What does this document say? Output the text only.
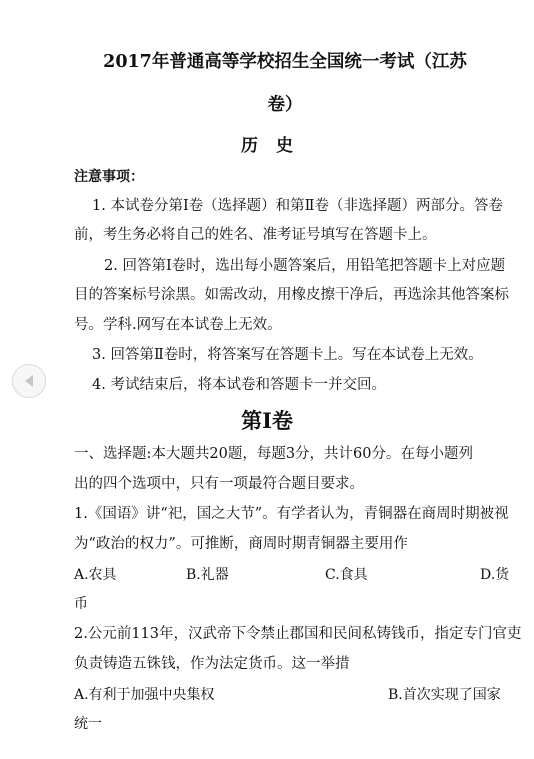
2017年普通高等学校招生全国统一考试（江苏
卷）
历史
注意事项：
1. 本试卷分第Ⅰ卷（选择题）和第Ⅱ卷（非选择题）两部分。答卷
前，考生务必将自己的姓名、准考证号填写在答题卡上。
2. 回答第Ⅰ卷时，选出每小题答案后，用铅笔把答题卡上对应题
目的答案标号涂黑。如需改动，用橡皮擦干净后，再选涂其他答案标
号。学科.网写在本试卷上无效。
3. 回答第Ⅱ卷时，将答案写在答题卡上。写在本试卷上无效。
4. 考试结束后，将本试卷和答题卡一并交回。
第Ⅰ卷
一、选择题:本大题共20题，每题3分，共计60分。在每小题列
出的四个选项中，只有一项最符合题目要求。
1.《国语》讲“祀，国之大节”。有学者认为，青铜器在商周时期被视
为“政治的权力”。可推断，商周时期青铜器主要用作
A.农具	B.礼器	C.食具	D.货
币
2.公元前113年，汉武帝下令禁止郡国和民间私铸钱币，指定专门官吏
负责铸造五铢钱，作为法定货币。这一举措
A.有利于加强中央集权	B.首次实现了国家
统一
